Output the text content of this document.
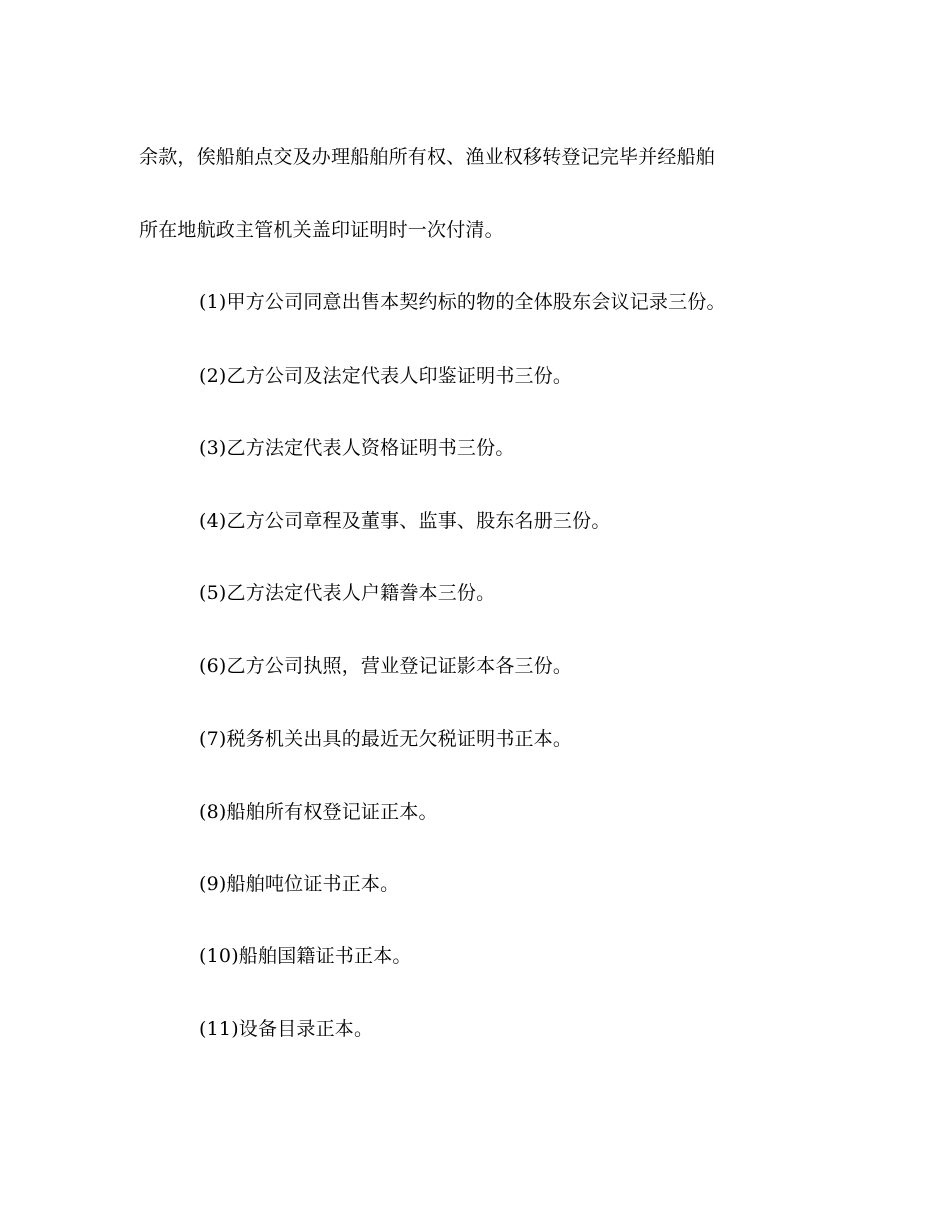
余款，俟船舶点交及办理船舶所有权、渔业权移转登记完毕并经船舶
所在地航政主管机关盖印证明时一次付清。
(1)甲方公司同意出售本契约标的物的全体股东会议记录三份。
(2)乙方公司及法定代表人印鉴证明书三份。
(3)乙方法定代表人资格证明书三份。
(4)乙方公司章程及董事、监事、股东名册三份。
(5)乙方法定代表人户籍誊本三份。
(6)乙方公司执照，营业登记证影本各三份。
(7)税务机关出具的最近无欠税证明书正本。
(8)船舶所有权登记证正本。
(9)船舶吨位证书正本。
(10)船舶国籍证书正本。
(11)设备目录正本。
